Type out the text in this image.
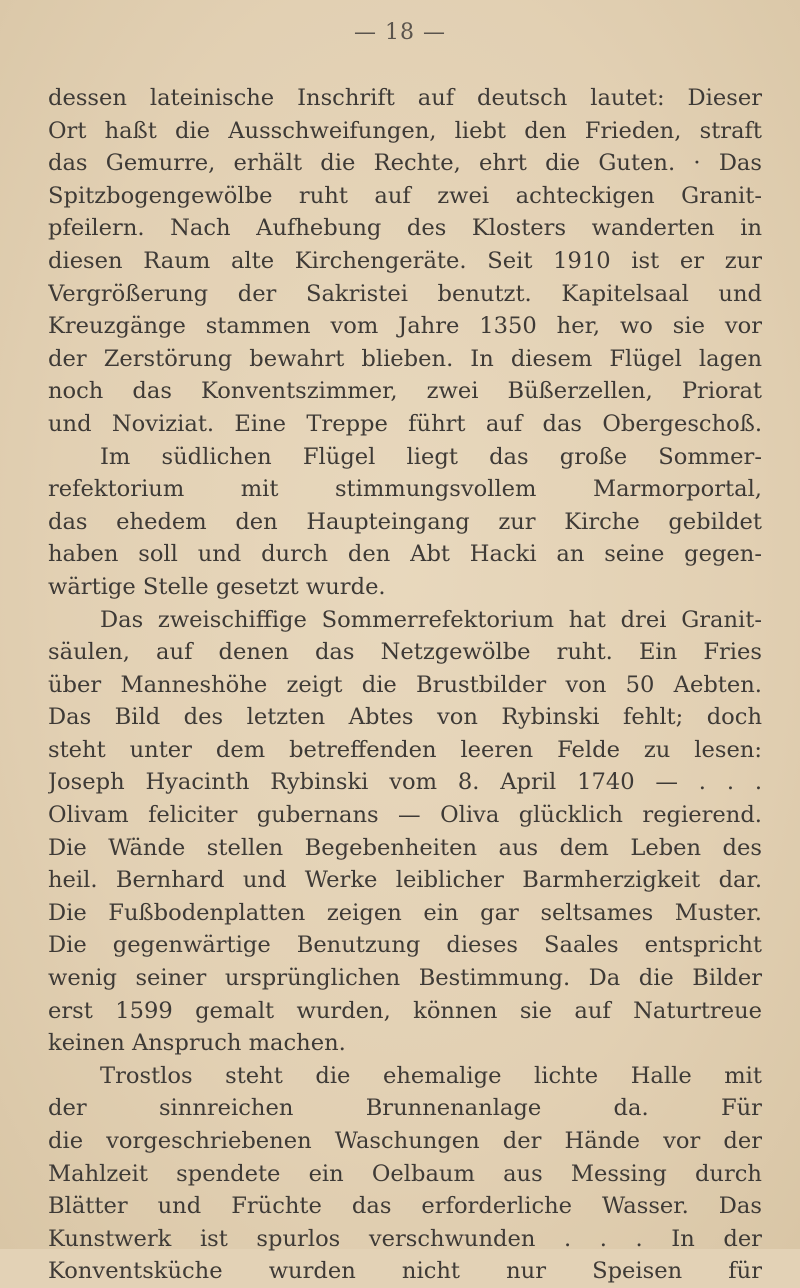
— 18 —
dessen lateinische Inschrift auf deutsch lautet: Dieser
Ort haßt die Ausschweifungen, liebt den Frieden, straft
das Gemurre, erhält die Rechte, ehrt die Guten. · Das
Spitzbogengewölbe ruht auf zwei achteckigen Granit-
pfeilern. Nach Aufhebung des Klosters wanderten in
diesen Raum alte Kirchengeräte. Seit 1910 ist er zur
Vergrößerung der Sakristei benutzt. Kapitelsaal und
Kreuzgänge stammen vom Jahre 1350 her, wo sie vor
der Zerstörung bewahrt blieben. In diesem Flügel lagen
noch das Konventszimmer, zwei Büßerzellen, Priorat
und Noviziat. Eine Treppe führt auf das Obergeschoß.
Im südlichen Flügel liegt das große Sommer-
refektorium mit stimmungsvollem Marmorportal,
das ehedem den Haupteingang zur Kirche gebildet
haben soll und durch den Abt Hacki an seine gegen-
wärtige Stelle gesetzt wurde.
Das zweischiffige Sommerrefektorium hat drei Granit-
säulen, auf denen das Netzgewölbe ruht. Ein Fries
über Manneshöhe zeigt die Brustbilder von 50 Aebten.
Das Bild des letzten Abtes von Rybinski fehlt; doch
steht unter dem betreffenden leeren Felde zu lesen:
Joseph Hyacinth Rybinski vom 8. April 1740 — . . .
Olivam feliciter gubernans — Oliva glücklich regierend.
Die Wände stellen Begebenheiten aus dem Leben des
heil. Bernhard und Werke leiblicher Barmherzigkeit dar.
Die Fußbodenplatten zeigen ein gar seltsames Muster.
Die gegenwärtige Benutzung dieses Saales entspricht
wenig seiner ursprünglichen Bestimmung. Da die Bilder
erst 1599 gemalt wurden, können sie auf Naturtreue
keinen Anspruch machen.
Trostlos steht die ehemalige lichte Halle mit
der sinnreichen Brunnenanlage da. Für
die vorgeschriebenen Waschungen der Hände vor der
Mahlzeit spendete ein Oelbaum aus Messing durch
Blätter und Früchte das erforderliche Wasser. Das
Kunstwerk ist spurlos verschwunden . . . In der
Konventsküche wurden nicht nur Speisen für
